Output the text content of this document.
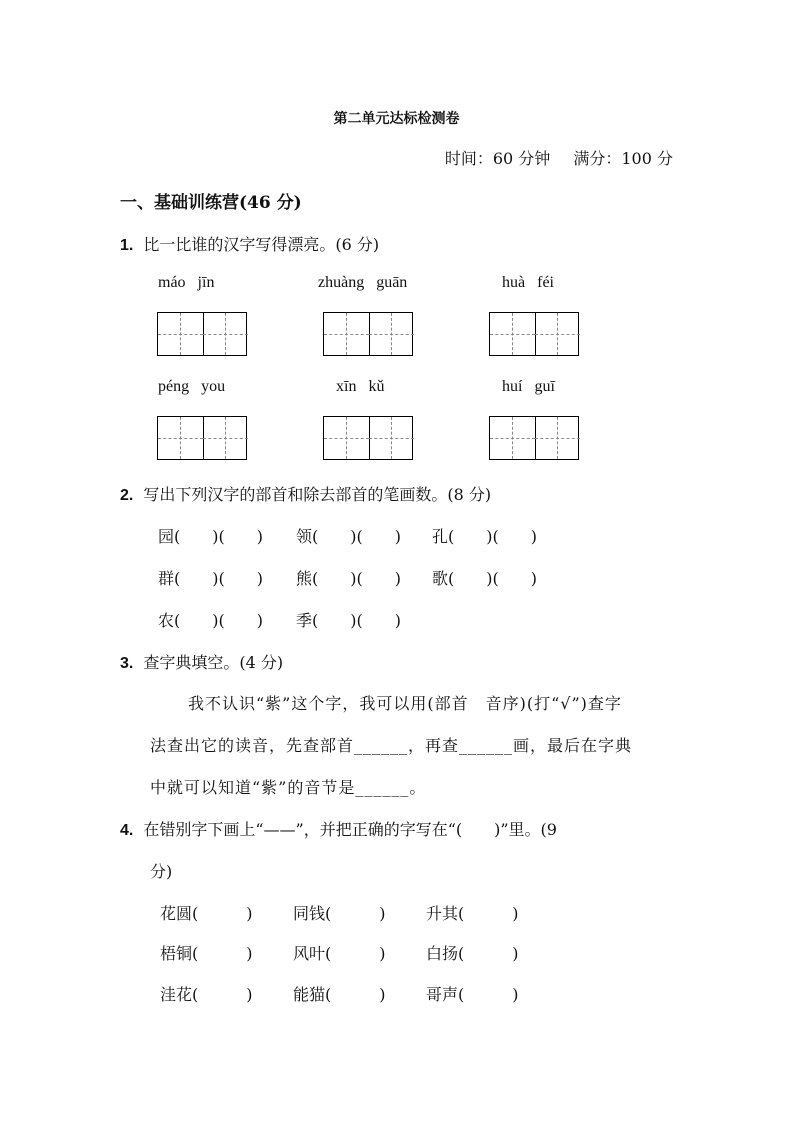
第二单元达标检测卷
时间：60 分钟 满分：100 分
一、基础训练营(46 分)
1. 比一比谁的汉字写得漂亮。(6 分)
máo jīn	zhuàng guān	huà féi
péng you	xīn kǔ	huí guī
2. 写出下列汉字的部首和除去部首的笔画数。(8 分)
园(　　)(　　) 领(　　)(　　) 孔(　　)(　　)
群(　　)(　　) 熊(　　)(　　) 歌(　　)(　　)
农(　　)(　　) 季(　　)(　　)
3. 查字典填空。(4 分)
我不认识“紫”这个字，我可以用(部首　音序)(打“√”)查字
法查出它的读音，先查部首______，再查______画，最后在字典
中就可以知道“紫”的音节是______。
4. 在错别字下画上“——”，并把正确的字写在“(　　)”里。(9
分)
花圆(　　　)	同钱(　　　)	升其(　　　)
梧铜(　　　)	风叶(　　　)	白扬(　　　)
洼花(　　　)	能猫(　　　)	哥声(　　　)
